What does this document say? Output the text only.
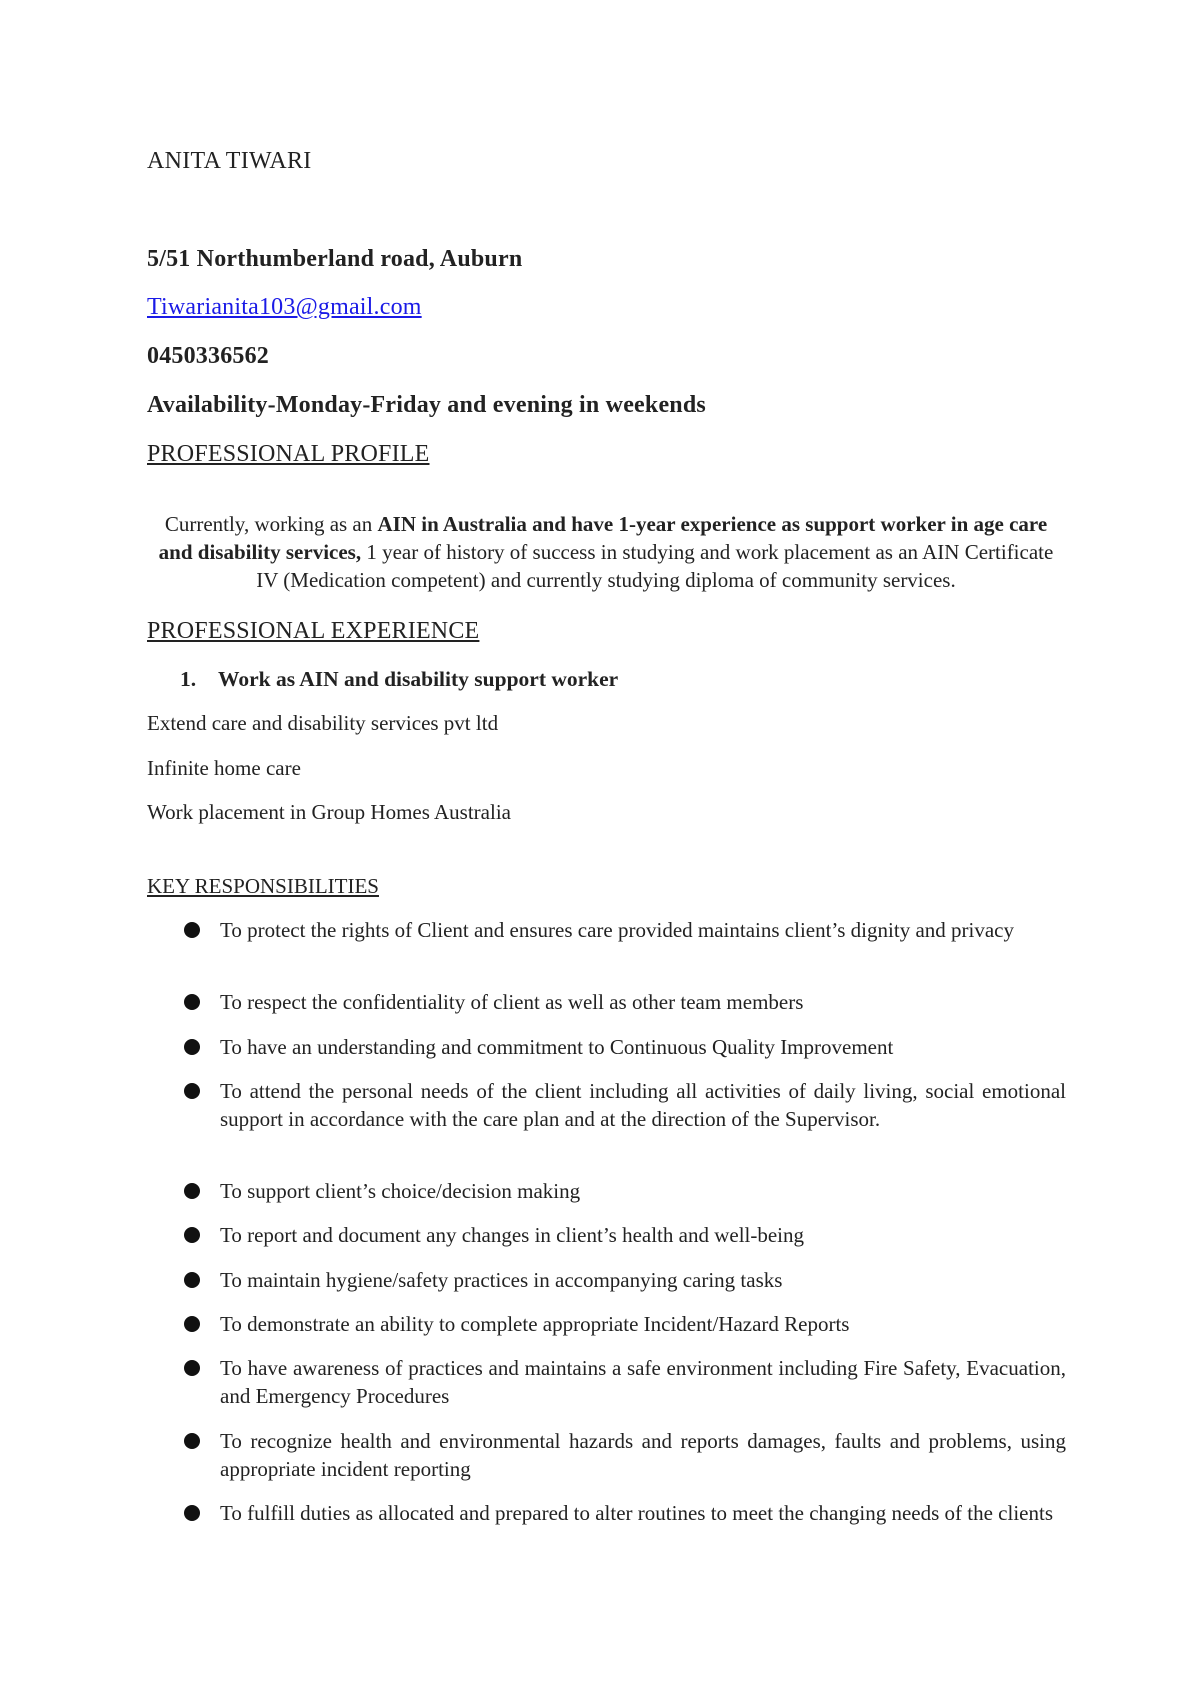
ANITA TIWARI

5/51 Northumberland road, Auburn

Tiwarianita103@gmail.com

0450336562

Availability-Monday-Friday and evening in weekends

PROFESSIONAL PROFILE

Currently, working as an AIN in Australia and have 1-year experience as support worker in age care and disability services, 1 year of history of success in studying and work placement as an AIN Certificate IV (Medication competent) and currently studying diploma of community services.

PROFESSIONAL EXPERIENCE

1. Work as AIN and disability support worker

Extend care and disability services pvt ltd

Infinite home care

Work placement in Group Homes Australia

KEY RESPONSIBILITIES

To protect the rights of Client and ensures care provided maintains client’s dignity and privacy
To respect the confidentiality of client as well as other team members
To have an understanding and commitment to Continuous Quality Improvement
To attend the personal needs of the client including all activities of daily living, social emotional support in accordance with the care plan and at the direction of the Supervisor.
To support client’s choice/decision making
To report and document any changes in client’s health and well-being
To maintain hygiene/safety practices in accompanying caring tasks
To demonstrate an ability to complete appropriate Incident/Hazard Reports
To have awareness of practices and maintains a safe environment including Fire Safety, Evacuation, and Emergency Procedures
To recognize health and environmental hazards and reports damages, faults and problems, using appropriate incident reporting
To fulfill duties as allocated and prepared to alter routines to meet the changing needs of the clients
